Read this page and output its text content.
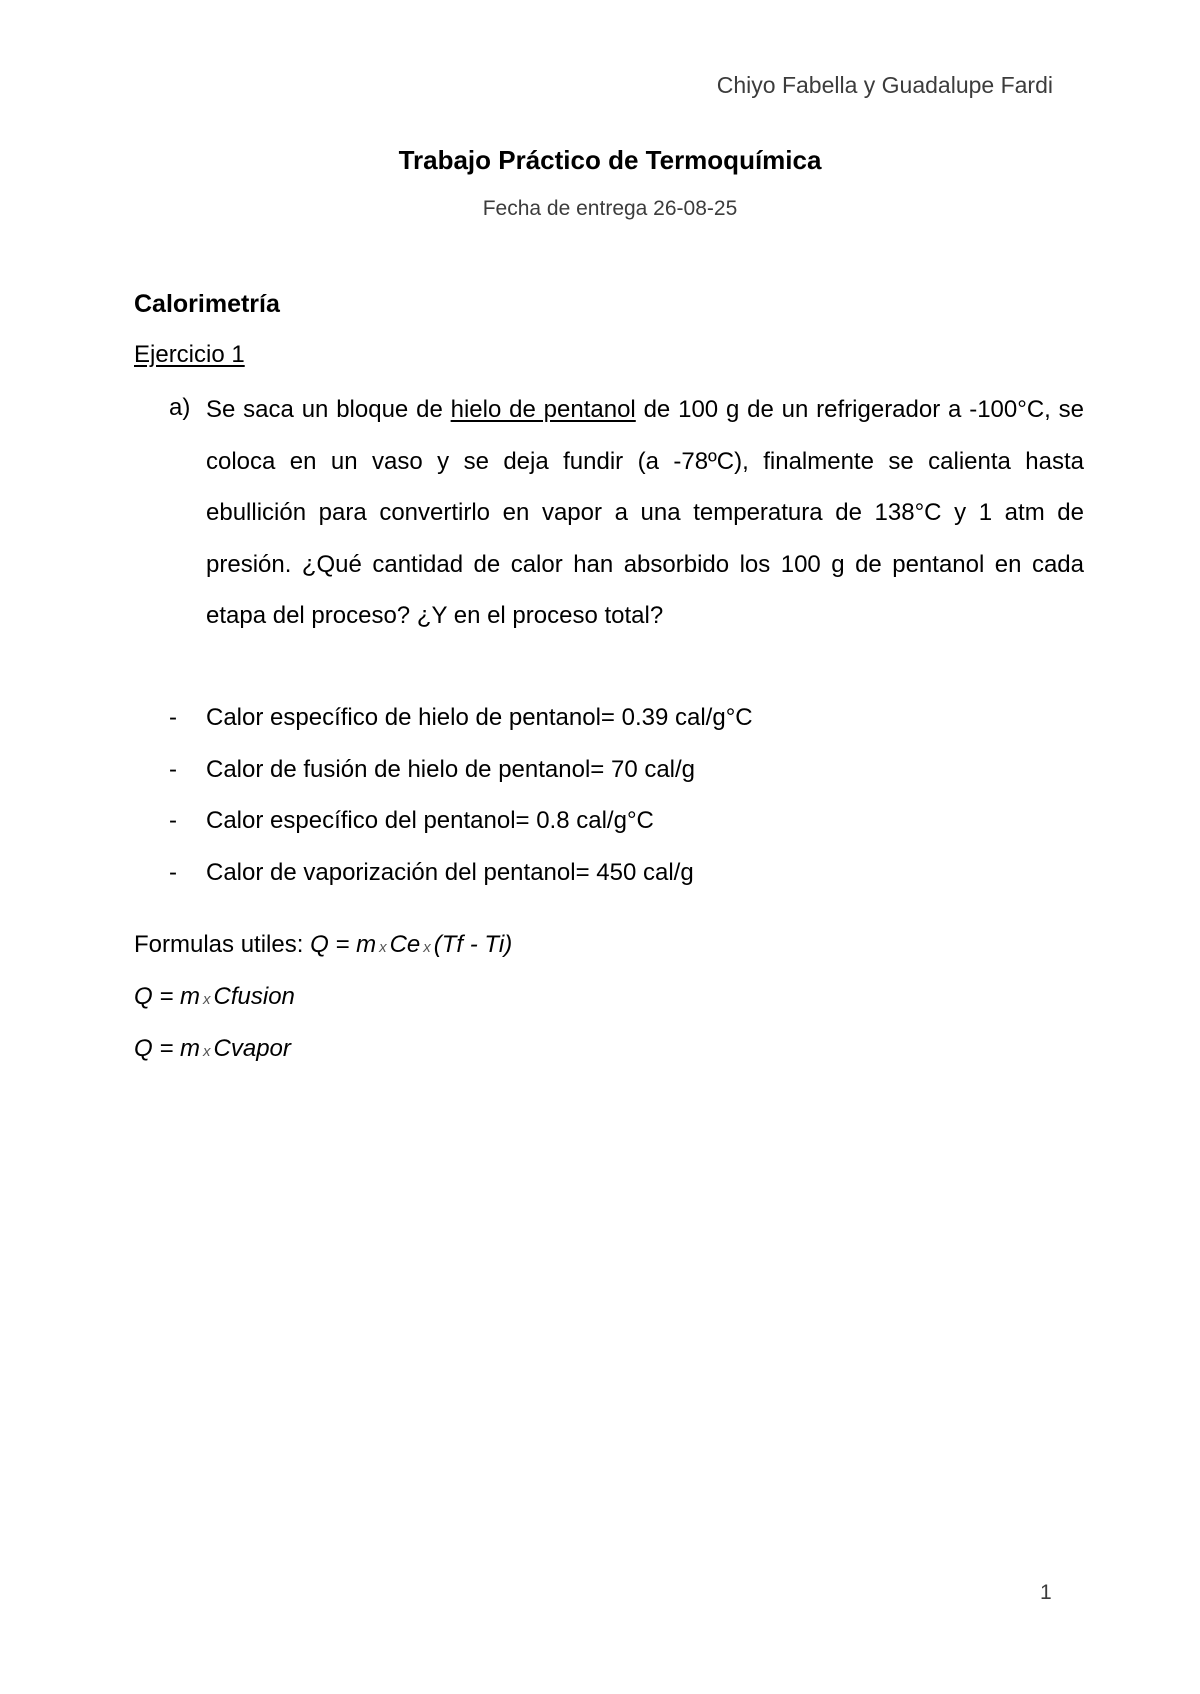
Chiyo Fabella y Guadalupe Fardi
Trabajo Práctico de Termoquímica
Fecha de entrega 26-08-25
Calorimetría
Ejercicio 1
a) Se saca un bloque de hielo de pentanol de 100 g de un refrigerador a -100°C, se coloca en un vaso y se deja fundir (a -78ºC), finalmente se calienta hasta ebullición para convertirlo en vapor a una temperatura de 138°C y 1 atm de presión. ¿Qué cantidad de calor han absorbido los 100 g de pentanol en cada etapa del proceso? ¿Y en el proceso total?

- Calor específico de hielo de pentanol= 0.39 cal/g°C
- Calor de fusión de hielo de pentanol= 70 cal/g
- Calor específico del pentanol= 0.8 cal/g°C
- Calor de vaporización del pentanol= 450 cal/g
Formulas utiles: Q = m x Ce x (Tf - Ti)
Q = m x Cfusion
Q = m x Cvapor
1
